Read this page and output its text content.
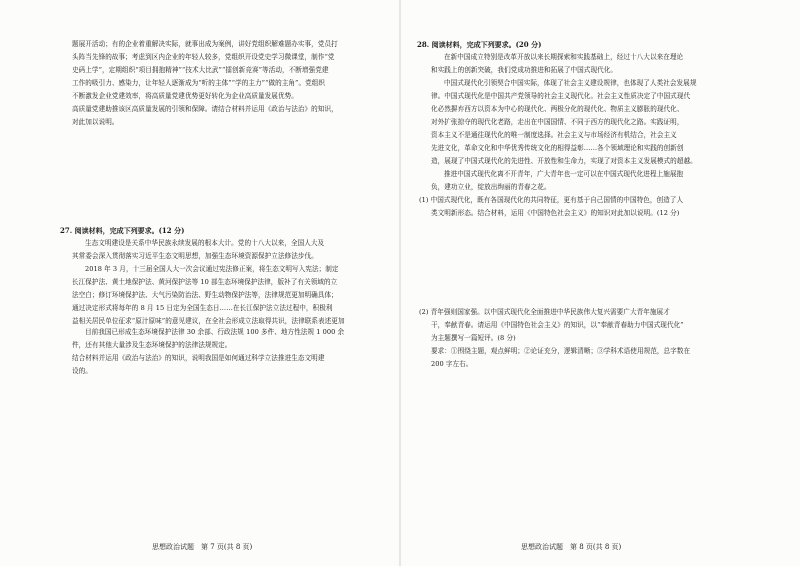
题展开活动；有的企业着重解决实际，就事出成为案例，讲好党组织解难题办实事，党员打

头阵当先锋的故事；考虑到区内企业的年轻人较多，党组织开设党史学习微课堂，制作“党

史码上学”，定期组织“项目拥抱精神”“技术大比武”“擂创新竞赛”等活动，不断增强党建

工作的吸引力、感染力，让年轻人逐渐成为“听的主体”“学的主力”“做的主角”。党组织

不断激发企业党建效率，将高质量党建优势更好转化为企业高质量发展优势。

高质量党建助推该区高质量发展的引领和保障。请结合材料并运用《政治与法治》的知识，

对此加以说明。

27. 阅读材料，完成下列要求。(12 分)

生态文明建设是关系中华民族永续发展的根本大计。党的十八大以来，全国人大及

其常委会深入贯彻落实习近平生态文明思想，加强生态环境资源保护立法修法步伐。

2018 年 3 月，十三届全国人大一次会议通过宪法修正案，将生态文明写入宪法；制定

长江保护法、黄土地保护法、黄河保护法等 10 部生态环境保护法律，版补了有关领域的立

法空白；修订环境保护法、大气污染防治法、野生动物保护法等，法律规范更加明确具体；

通过决定形式将每年的 8 月 15 日定为全国生态日……在长江保护法立法过程中，积极利

益相关居民单位征求“原汁原味”的意见建议，在全社会形成立法取得共识，法律联系表述更加

目前我国已形成生态环境保护法律 30 余部、行政法规 100 多件、地方性法规 1 000 余

件，还有其他大量涉及生态环境保护的法律法规规定。

结合材料并运用《政治与法治》的知识，说明我国是如何通过科学立法推进生态文明建

设的。

思想政治试题　第 7 页(共 8 页)

28. 阅读材料，完成下列要求。(20 分)

在新中国成立特别是改革开放以来长期探索和实践基础上，经过十八大以来在理论

和实践上的创新突破，我们党成功推进和拓展了中国式现代化。

中国式现代化引领契合中国实际，体现了社会主义建设规律，也体现了人类社会发展规

律。中国式现代化是中国共产党领导的社会主义现代化。社会主义性质决定了中国式现代

化必然摒弃西方以资本为中心的现代化、两极分化的现代化、物质主义膨胀的现代化、

对外扩张掠夺的现代化老路，走出在中国国情、不同于西方的现代化之路。实践证明，

资本主义不是通往现代化的唯一制度选择。社会主义与市场经济有机结合，社会主义

先进文化，革命文化和中华优秀传统文化的相得益彰……各个领域理论和实践的创新创

造，展现了中国式现代化的先进性、开放性和生命力，实现了对资本主义发展模式的超越。

推进中国式现代化离不开青年，广大青年也一定可以在中国式现代化进程上施展抱

负，建功立业，绽放出绚丽的青春之花。

(1) 中国式现代化，既有各国现代化的共同特征，更有基于自己国情的中国特色，创造了人

类文明新形态。结合材料，运用《中国特色社会主义》的知识对此加以说明。(12 分)

(2) 青年强则国家强。以中国式现代化全面推进中华民族伟大复兴需要广大青年施展才

干，奉献青春。请运用《中国特色社会主义》的知识，以“奉献青春助力中国式现代化”

为主题撰写一篇短评。(8 分)

要求：①围绕主题，观点鲜明；②论证充分，逻辑清晰；③学科术语使用规范，总字数在

200 字左右。

思想政治试题　第 8 页(共 8 页)
